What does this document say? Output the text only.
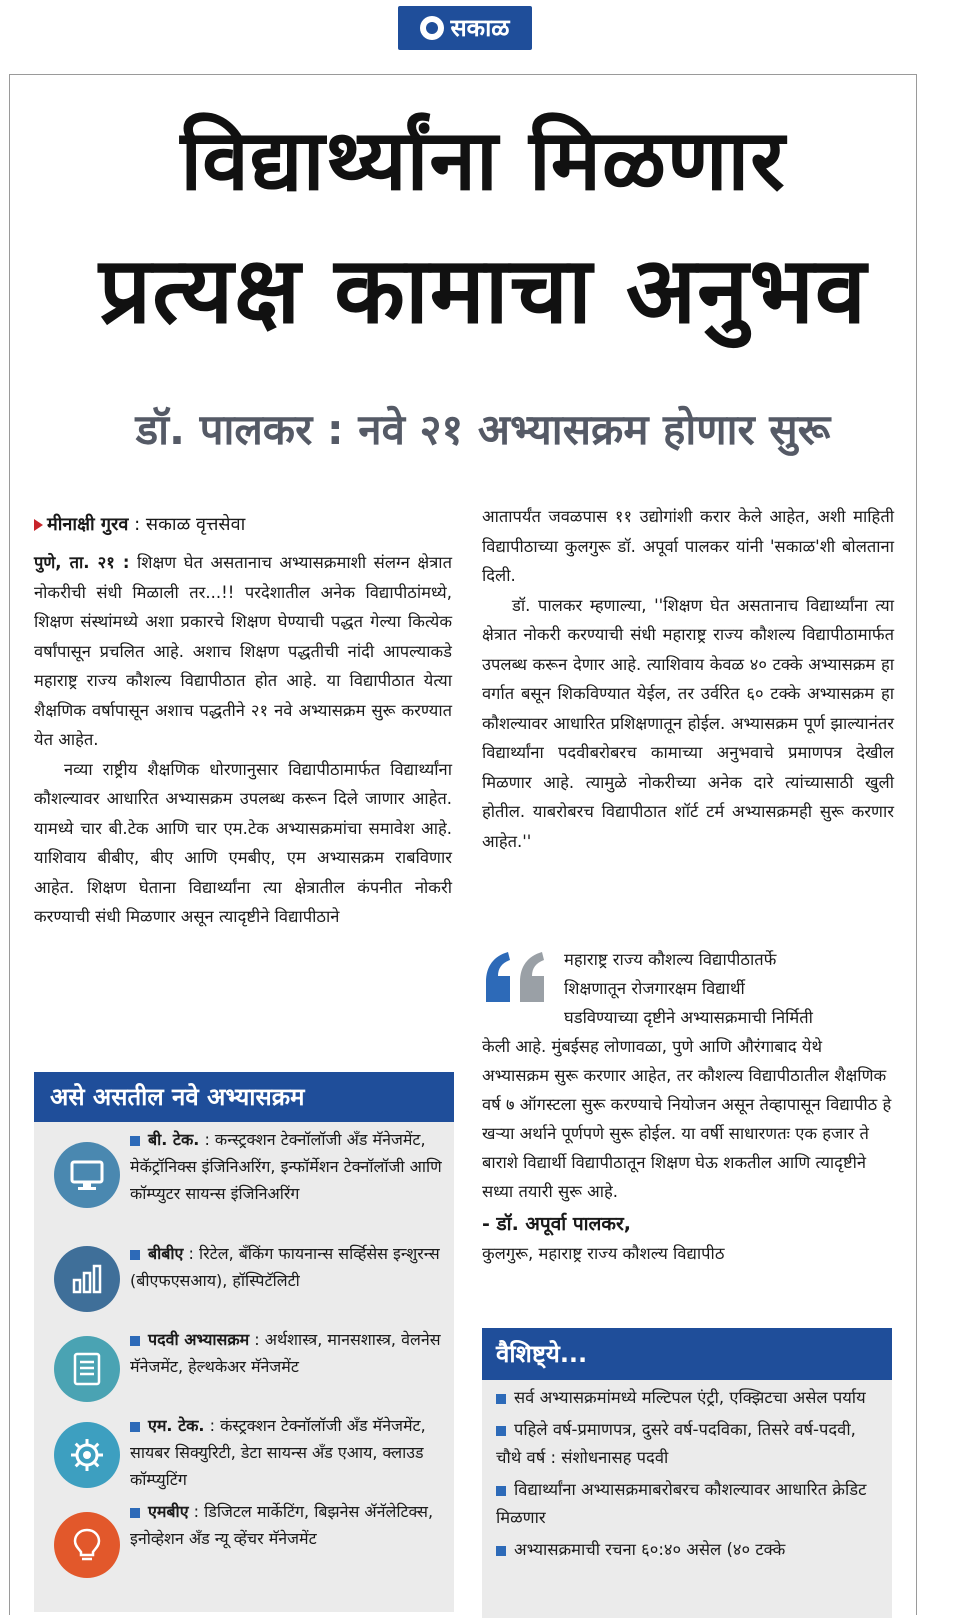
सकाळ
विद्यार्थ्यांना मिळणार
प्रत्यक्ष कामाचा अनुभव
डॉ. पालकर : नवे २१ अभ्यासक्रम होणार सुरू
मीनाक्षी गुरव : सकाळ वृत्तसेवा

पुणे, ता. २१ : शिक्षण घेत असतानाच अभ्यासक्रमाशी संलग्न क्षेत्रात नोकरीची संधी मिळाली तर...!! परदेशातील अनेक विद्यापीठांमध्ये, शिक्षण संस्थांमध्ये अशा प्रकारचे शिक्षण घेण्याची पद्धत गेल्या कित्येक वर्षांपासून प्रचलित आहे. अशाच शिक्षण पद्धतीची नांदी आपल्याकडे महाराष्ट्र राज्य कौशल्य विद्यापीठात होत आहे. या विद्यापीठात येत्या शैक्षणिक वर्षापासून अशाच पद्धतीने २१ नवे अभ्यासक्रम सुरू करण्यात येत आहेत.

नव्या राष्ट्रीय शैक्षणिक धोरणानुसार विद्यापीठामार्फत विद्यार्थ्यांना कौशल्यावर आधारित अभ्यासक्रम उपलब्ध करून दिले जाणार आहेत. यामध्ये चार बी.टेक आणि चार एम.टेक अभ्यासक्रमांचा समावेश आहे. याशिवाय बीबीए, बीए आणि एमबीए, एम अभ्यासक्रम राबविणार आहेत. शिक्षण घेताना विद्यार्थ्यांना त्या क्षेत्रातील कंपनीत नोकरी करण्याची संधी मिळणार असून त्यादृष्टीने विद्यापीठाने

आतापर्यंत जवळपास ११ उद्योगांशी करार केले आहेत, अशी माहिती विद्यापीठाच्या कुलगुरू डॉ. अपूर्वा पालकर यांनी 'सकाळ'शी बोलताना दिली.

डॉ. पालकर म्हणाल्या, ''शिक्षण घेत असतानाच विद्यार्थ्यांना त्या क्षेत्रात नोकरी करण्याची संधी महाराष्ट्र राज्य कौशल्य विद्यापीठामार्फत उपलब्ध करून देणार आहे. त्याशिवाय केवळ ४० टक्के अभ्यासक्रम हा वर्गात बसून शिकविण्यात येईल, तर उर्वरित ६० टक्के अभ्यासक्रम हा कौशल्यावर आधारित प्रशिक्षणातून होईल. अभ्यासक्रम पूर्ण झाल्यानंतर विद्यार्थ्यांना पदवीबरोबरच कामाच्या अनुभवाचे प्रमाणपत्र देखील मिळणार आहे. त्यामुळे नोकरीच्या अनेक दारे त्यांच्यासाठी खुली होतील. याबरोबरच विद्यापीठात शॉर्ट टर्म अभ्यासक्रमही सुरू करणार आहेत.''

असे असतील नवे अभ्यासक्रम
बी. टेक. : कन्स्ट्रक्शन टेक्नॉलॉजी अँड मॅनेजमेंट, मेकॅट्रॉनिक्स इंजिनिअरिंग, इन्फॉर्मेशन टेक्नॉलॉजी आणि कॉम्प्युटर सायन्स इंजिनिअरिंग
बीबीए : रिटेल, बँकिंग फायनान्स सर्व्हिसेस इन्शुरन्स (बीएफएसआय), हॉस्पिटॅलिटी
पदवी अभ्यासक्रम : अर्थशास्त्र, मानसशास्त्र, वेलनेस मॅनेजमेंट, हेल्थकेअर मॅनेजमेंट
एम. टेक. : कंस्ट्रक्शन टेक्नॉलॉजी अँड मॅनेजमेंट, सायबर सिक्युरिटी, डेटा सायन्स अँड एआय, क्लाउड कॉम्प्युटिंग
एमबीए : डिजिटल मार्केटिंग, बिझनेस ॲनॅलेटिक्स, इनोव्हेशन अँड न्यू व्हेंचर मॅनेजमेंट
महाराष्ट्र राज्य कौशल्य विद्यापीठातर्फे
शिक्षणातून रोजगारक्षम विद्यार्थी
घडविण्याच्या दृष्टीने अभ्यासक्रमाची निर्मिती
केली आहे. मुंबईसह लोणावळा, पुणे आणि औरंगाबाद येथे अभ्यासक्रम सुरू करणार आहेत, तर कौशल्य विद्यापीठातील शैक्षणिक वर्ष ७ ऑगस्टला सुरू करण्याचे नियोजन असून तेव्हापासून विद्यापीठ हे खऱ्या अर्थाने पूर्णपणे सुरू होईल. या वर्षी साधारणतः एक हजार ते बाराशे विद्यार्थी विद्यापीठातून शिक्षण घेऊ शकतील आणि त्यादृष्टीने सध्या तयारी सुरू आहे.
- डॉ. अपूर्वा पालकर,
कुलगुरू, महाराष्ट्र राज्य कौशल्य विद्यापीठ
वैशिष्ट्ये...
सर्व अभ्यासक्रमांमध्ये मल्टिपल एंट्री, एक्झिटचा असेल पर्याय
पहिले वर्ष-प्रमाणपत्र, दुसरे वर्ष-पदविका, तिसरे वर्ष-पदवी, चौथे वर्ष : संशोधनासह पदवी
विद्यार्थ्यांना अभ्यासक्रमाबरोबरच कौशल्यावर आधारित क्रेडिट मिळणार
अभ्यासक्रमाची रचना ६०:४० असेल (४० टक्के
